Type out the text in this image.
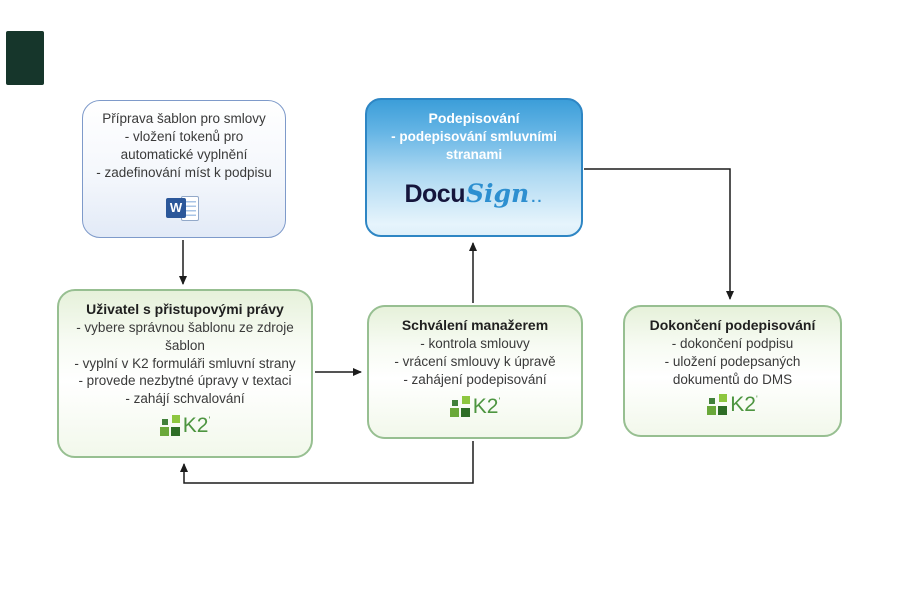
Příprava šablon pro smlovy
- vložení tokenů pro
automatické vyplnění
- zadefinování míst k podpisu
W
Podepisování
- podepisování smluvními
stranami
Docu Sign ..
Uživatel s přistupovými právy
- vybere správnou šablonu ze zdroje
šablon
- vyplní v K2 formuláři smluvní strany
- provede nezbytné úpravy v textaci
- zahájí schvalování
K2'
Schválení manažerem
- kontrola smlouvy
- vrácení smlouvy k úpravě
- zahájení podepisování
K2'
Dokončení podepisování
- dokončení podpisu
- uložení podepsaných
dokumentů do DMS
K2'
